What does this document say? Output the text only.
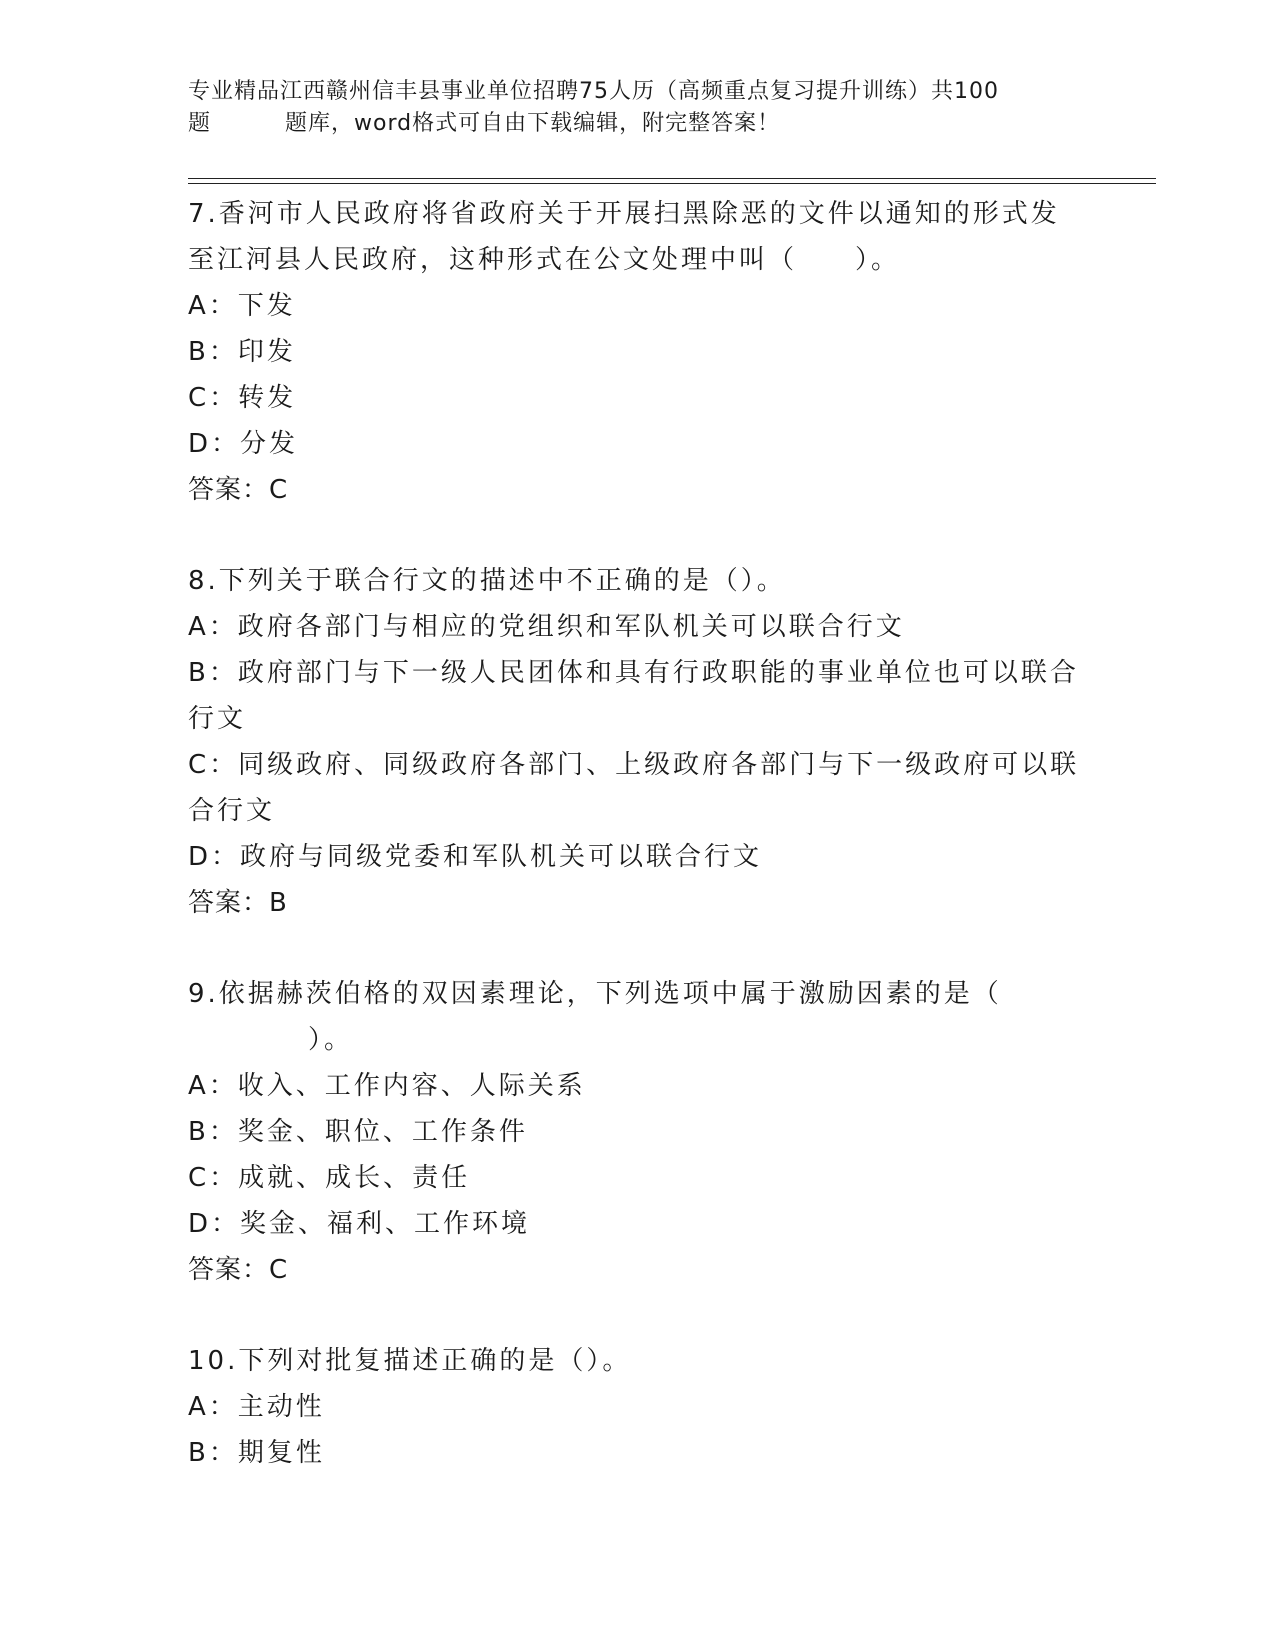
专业精品江西赣州信丰县事业单位招聘75人历（高频重点复习提升训练）共100
题	题库，word格式可自由下载编辑，附完整答案！
7.香河市人民政府将省政府关于开展扫黑除恶的文件以通知的形式发
至江河县人民政府，这种形式在公文处理中叫（　　）。
A：下发
B：印发
C：转发
D：分发
答案：C
8.下列关于联合行文的描述中不正确的是（）。
A：政府各部门与相应的党组织和军队机关可以联合行文
B：政府部门与下一级人民团体和具有行政职能的事业单位也可以联合
行文
C：同级政府、同级政府各部门、上级政府各部门与下一级政府可以联
合行文
D：政府与同级党委和军队机关可以联合行文
答案：B
9.依据赫茨伯格的双因素理论，下列选项中属于激励因素的是（
）。
A：收入、工作内容、人际关系
B：奖金、职位、工作条件
C：成就、成长、责任
D：奖金、福利、工作环境
答案：C
10.下列对批复描述正确的是（）。
A：主动性
B：期复性
